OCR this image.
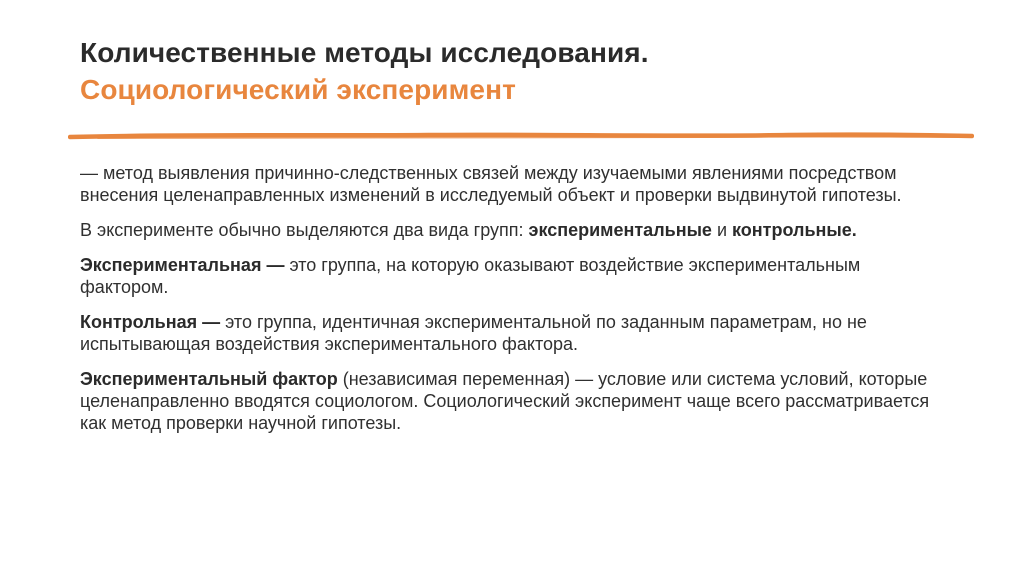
Количественные методы исследования.
Социологический эксперимент

— метод выявления причинно-следственных связей между изучаемыми явлениями посредством внесения целенаправленных изменений в исследуемый объект и проверки выдвинутой гипотезы.

В эксперименте обычно выделяются два вида групп: экспериментальные и контрольные.

Экспериментальная — это группа, на которую оказывают воздействие экспериментальным фактором.

Контрольная — это группа, идентичная экспериментальной по заданным параметрам, но не испытывающая воздействия экспериментального фактора.

Экспериментальный фактор (независимая переменная) — условие или система условий, которые целенаправленно вводятся социологом. Социологический эксперимент чаще всего рассматривается как метод проверки научной гипотезы.
